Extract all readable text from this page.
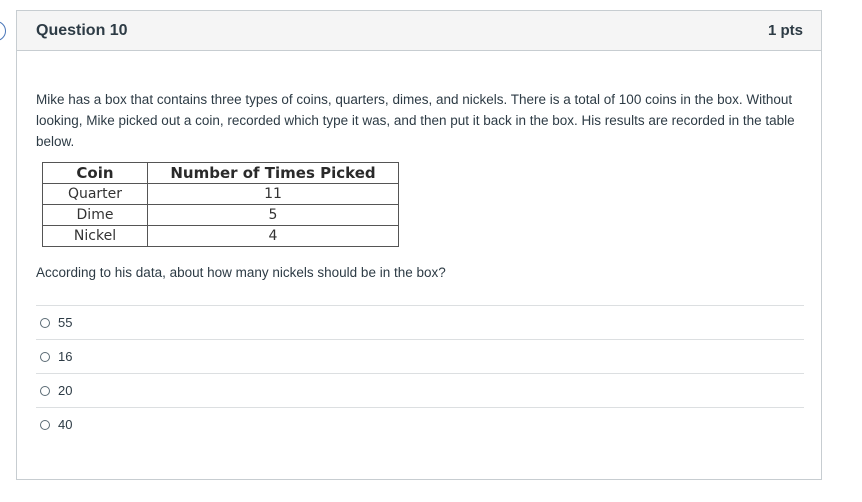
Question 10	1 pts

Mike has a box that contains three types of coins, quarters, dimes, and nickels. There is a total of 100 coins in the box. Without looking, Mike picked out a coin, recorded which type it was, and then put it back in the box. His results are recorded in the table below.

Coin	Number of Times Picked
Quarter	11
Dime	5
Nickel	4

According to his data, about how many nickels should be in the box?

55
16
20
40
